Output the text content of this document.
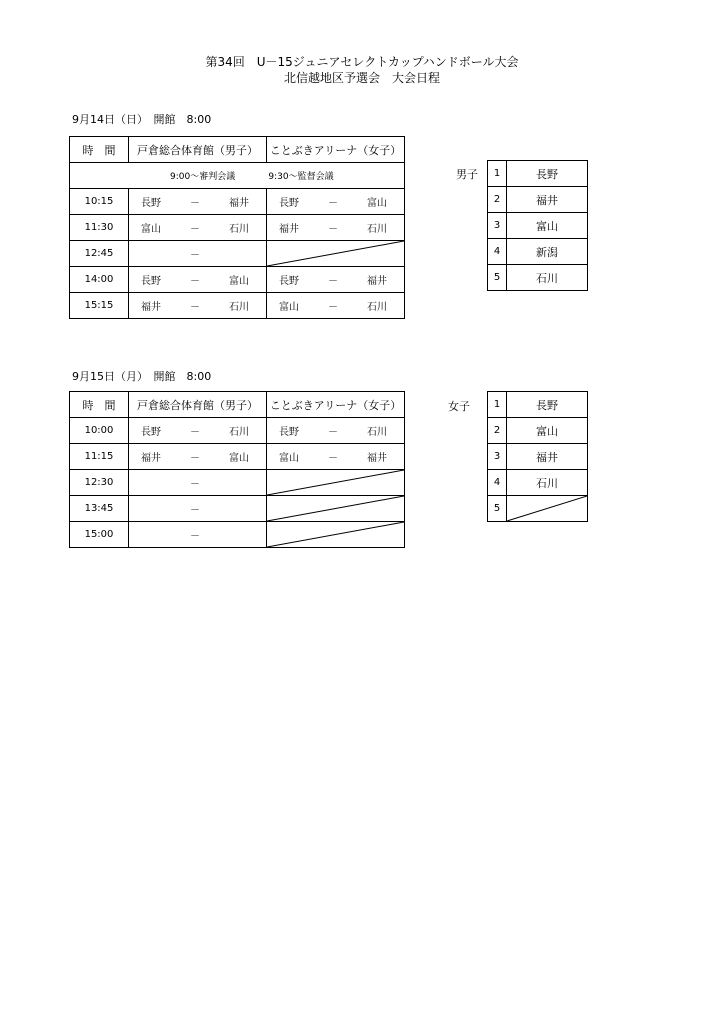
第34回　U－15ジュニアセレクトカップハンドボール大会
北信越地区予選会　大会日程
9月14日（日）　開館　8:00
時　間	戸倉総合体育館（男子）	ことぶきアリーナ（女子）
9:00～審判会議 9:30～監督会議		
10:15	長野 － 福井	長野 － 富山

11:30	富山 － 石川	福井 － 石川

12:45	－

14:00	長野 － 富山	長野 － 福井

15:15	福井 － 石川	富山 － 石川
男子 1	長野
2	福井
3	富山
4	新潟
5	石川
9月15日（月）　開館　8:00
時　間	戸倉総合体育館（男子）	ことぶきアリーナ（女子）
10:00	長野 － 石川	長野 － 石川

11:15	福井 － 富山	富山 － 福井

12:30	－

13:45	－

15:00	－

女子 1	長野
2	富山
3	福井
4	石川
5	
